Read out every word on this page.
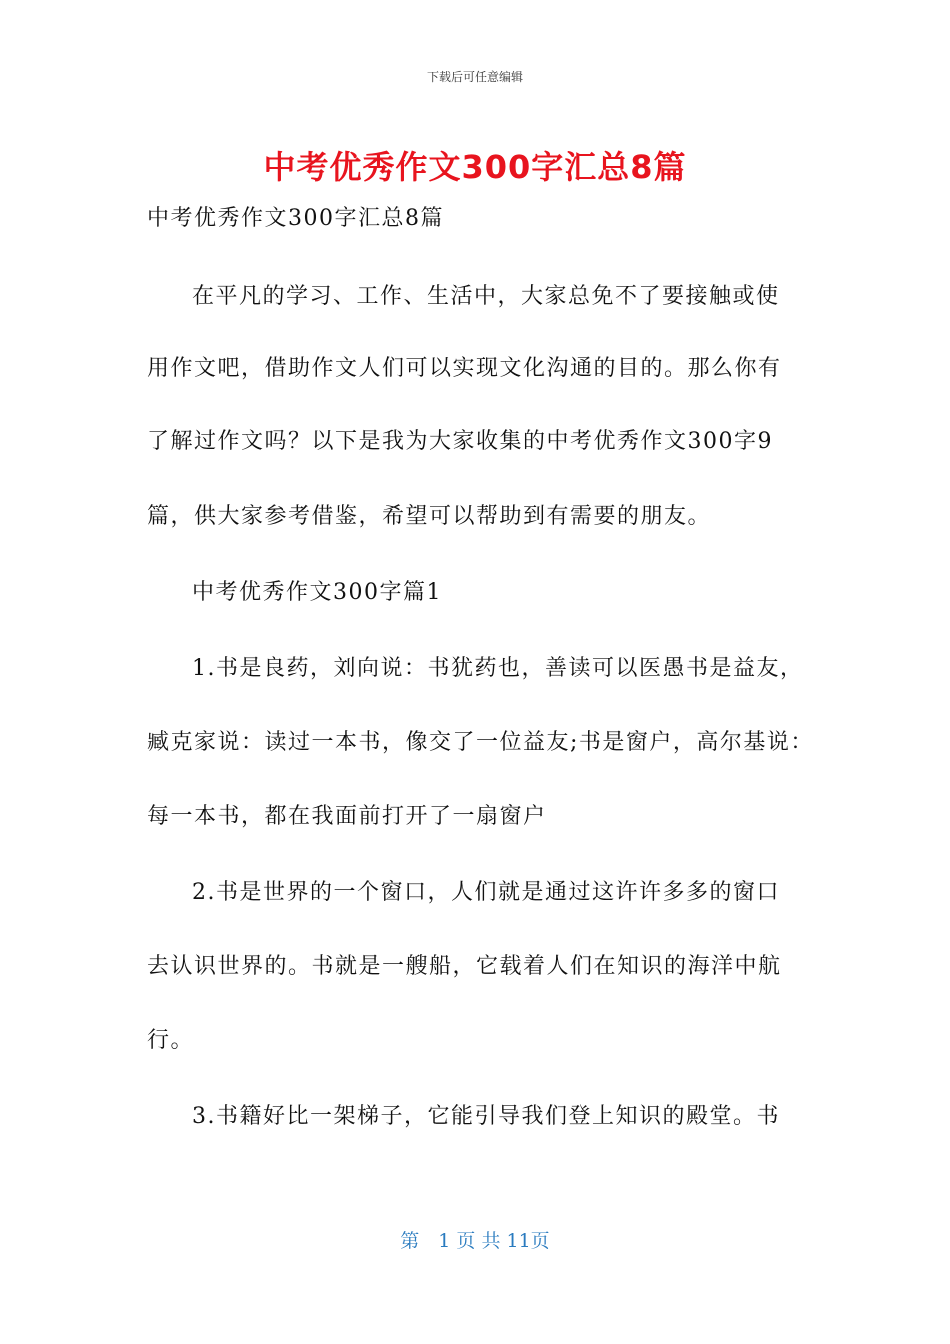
下载后可任意编辑
中考优秀作文300字汇总8篇
中考优秀作文300字汇总8篇
在平凡的学习、工作、生活中，大家总免不了要接触或使
用作文吧，借助作文人们可以实现文化沟通的目的。那么你有
了解过作文吗？以下是我为大家收集的中考优秀作文300字9
篇，供大家参考借鉴，希望可以帮助到有需要的朋友。
中考优秀作文300字篇1
1.书是良药，刘向说：书犹药也，善读可以医愚书是益友，
臧克家说：读过一本书，像交了一位益友;书是窗户，高尔基说：
每一本书，都在我面前打开了一扇窗户
2.书是世界的一个窗口，人们就是通过这许许多多的窗口
去认识世界的。书就是一艘船，它载着人们在知识的海洋中航
行。
3.书籍好比一架梯子，它能引导我们登上知识的殿堂。书
第　1 页 共 11页
